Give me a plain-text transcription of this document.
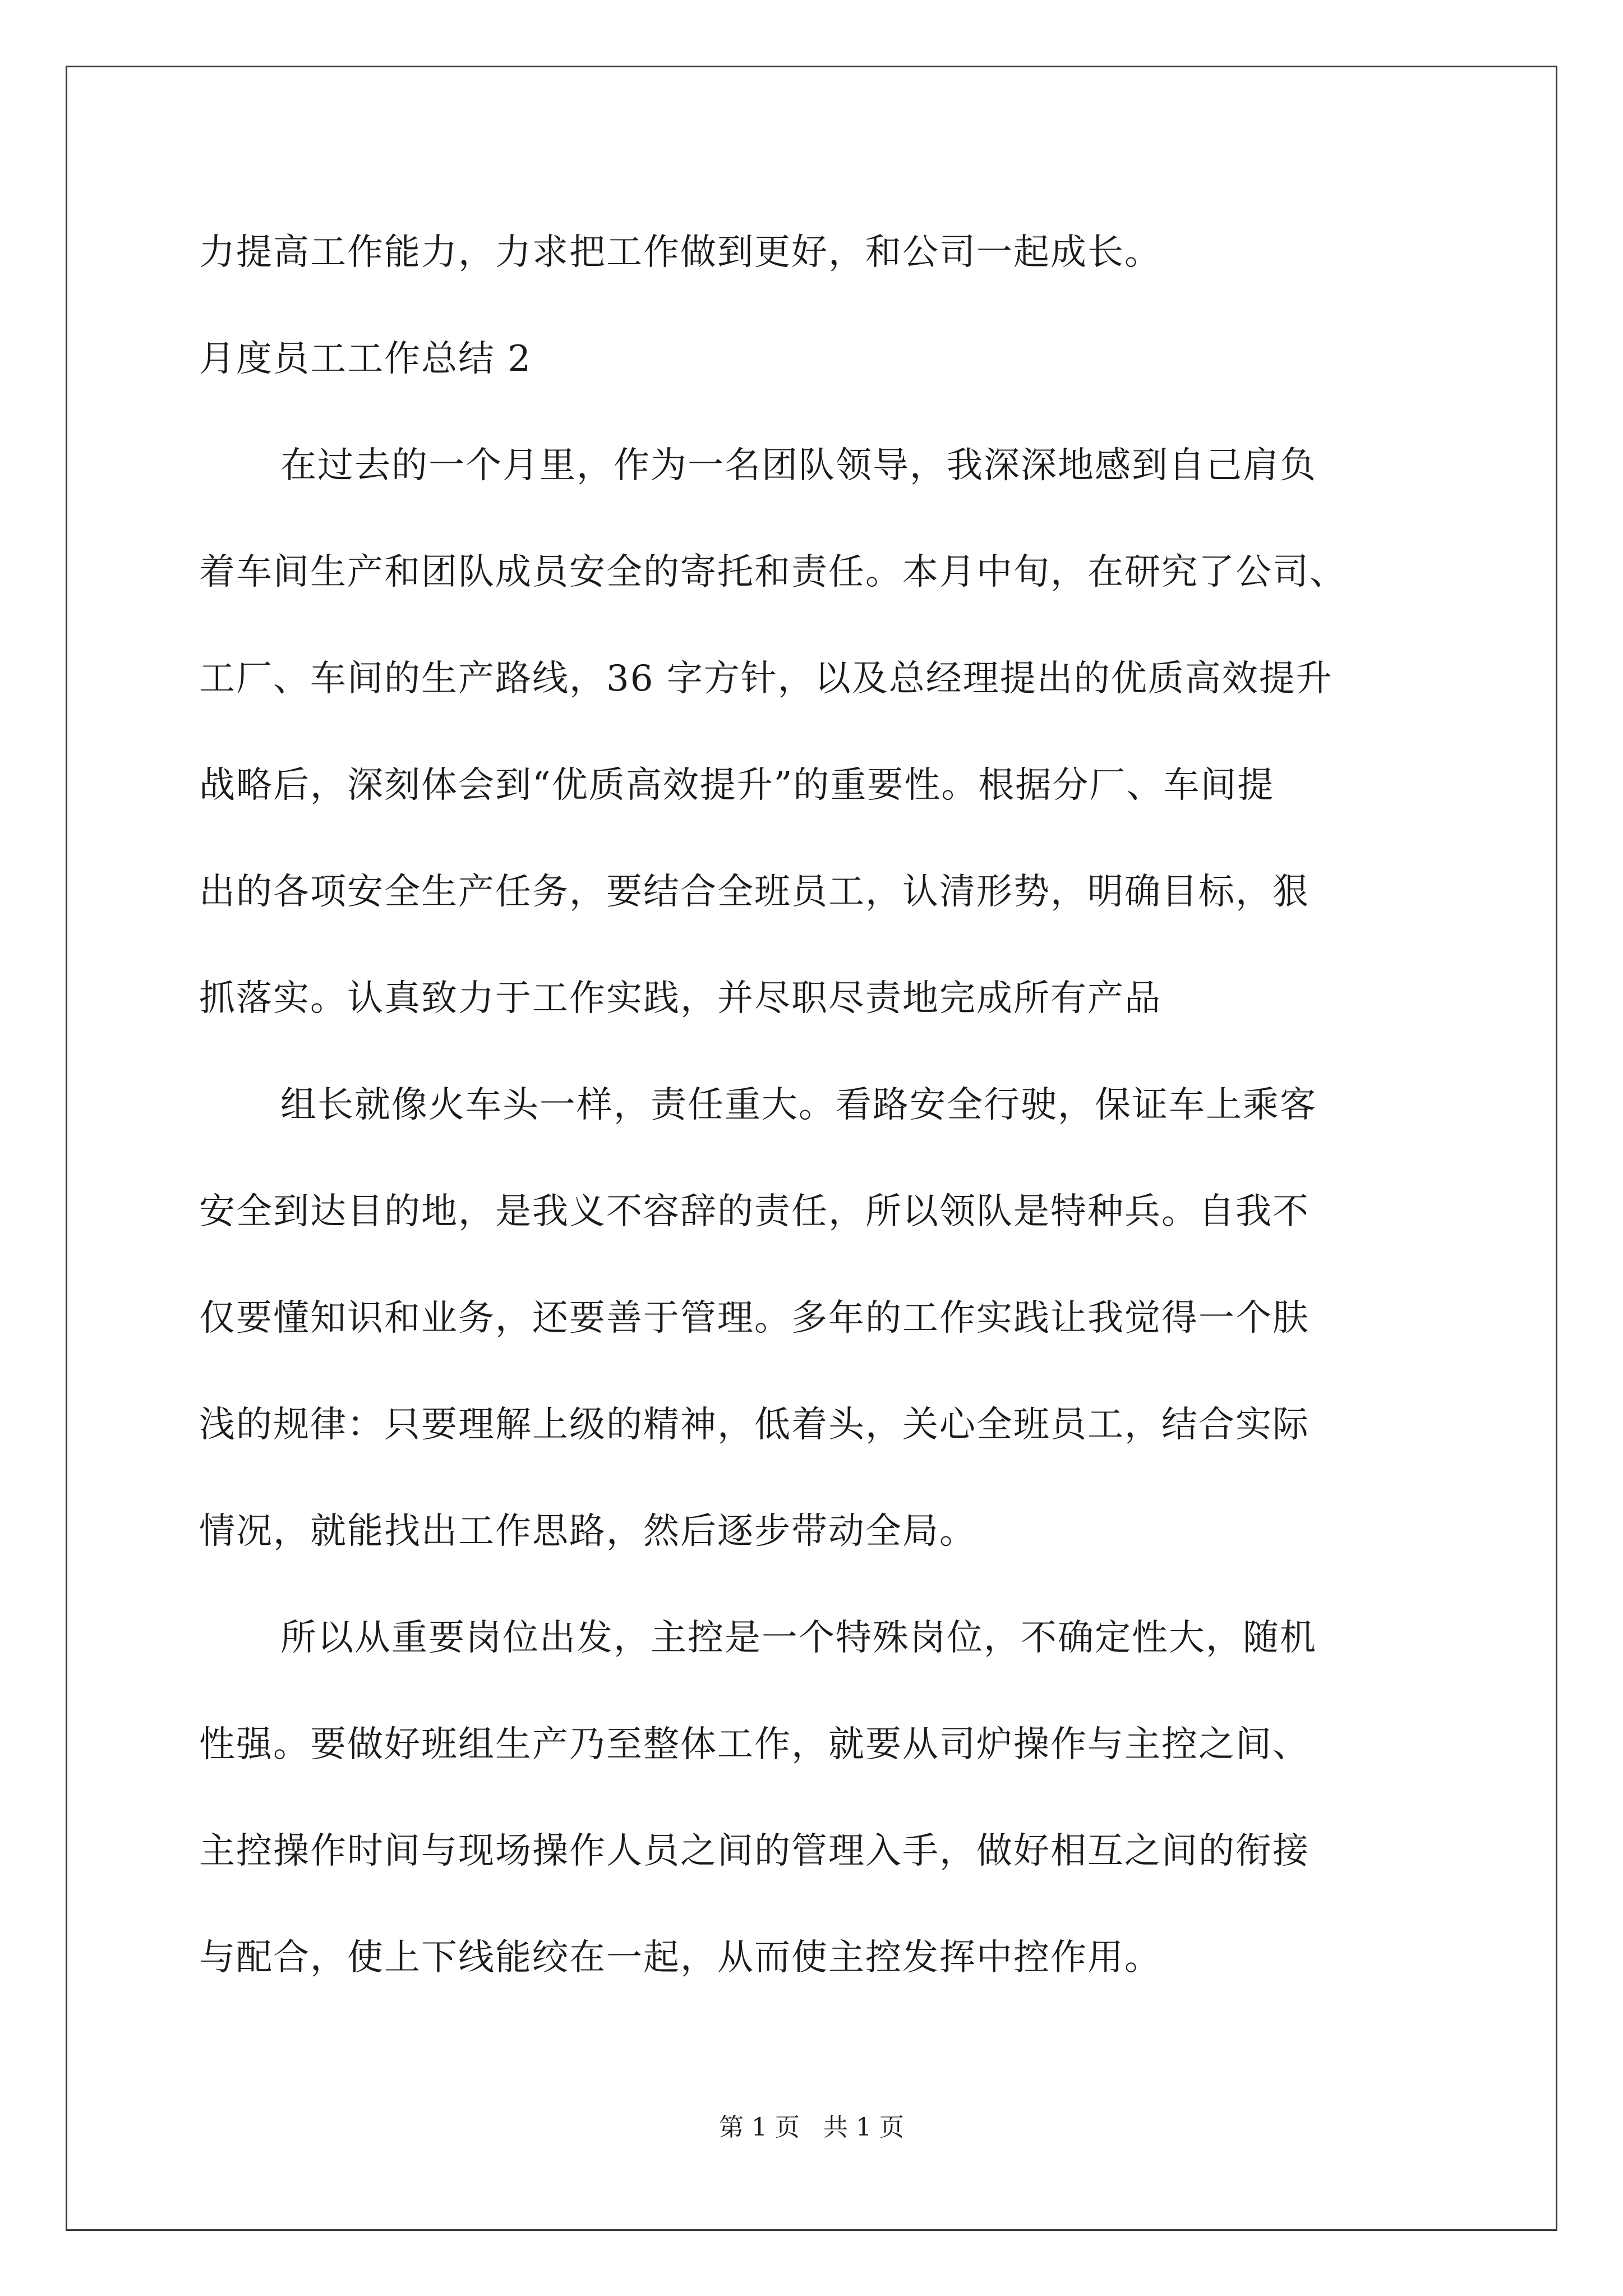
力提高工作能力，力求把工作做到更好，和公司一起成长。
月度员工工作总结 2
在过去的一个月里，作为一名团队领导，我深深地感到自己肩负
着车间生产和团队成员安全的寄托和责任。本月中旬，在研究了公司、
工厂、车间的生产路线，36 字方针，以及总经理提出的优质高效提升
战略后，深刻体会到“优质高效提升”的重要性。根据分厂、车间提
出的各项安全生产任务，要结合全班员工，认清形势，明确目标，狠
抓落实。认真致力于工作实践，并尽职尽责地完成所有产品
组长就像火车头一样，责任重大。看路安全行驶，保证车上乘客
安全到达目的地，是我义不容辞的责任，所以领队是特种兵。自我不
仅要懂知识和业务，还要善于管理。多年的工作实践让我觉得一个肤
浅的规律：只要理解上级的精神，低着头，关心全班员工，结合实际
情况，就能找出工作思路，然后逐步带动全局。
所以从重要岗位出发，主控是一个特殊岗位，不确定性大，随机
性强。要做好班组生产乃至整体工作，就要从司炉操作与主控之间、
主控操作时间与现场操作人员之间的管理入手，做好相互之间的衔接
与配合，使上下线能绞在一起，从而使主控发挥中控作用。
第 1 页   共 1 页
